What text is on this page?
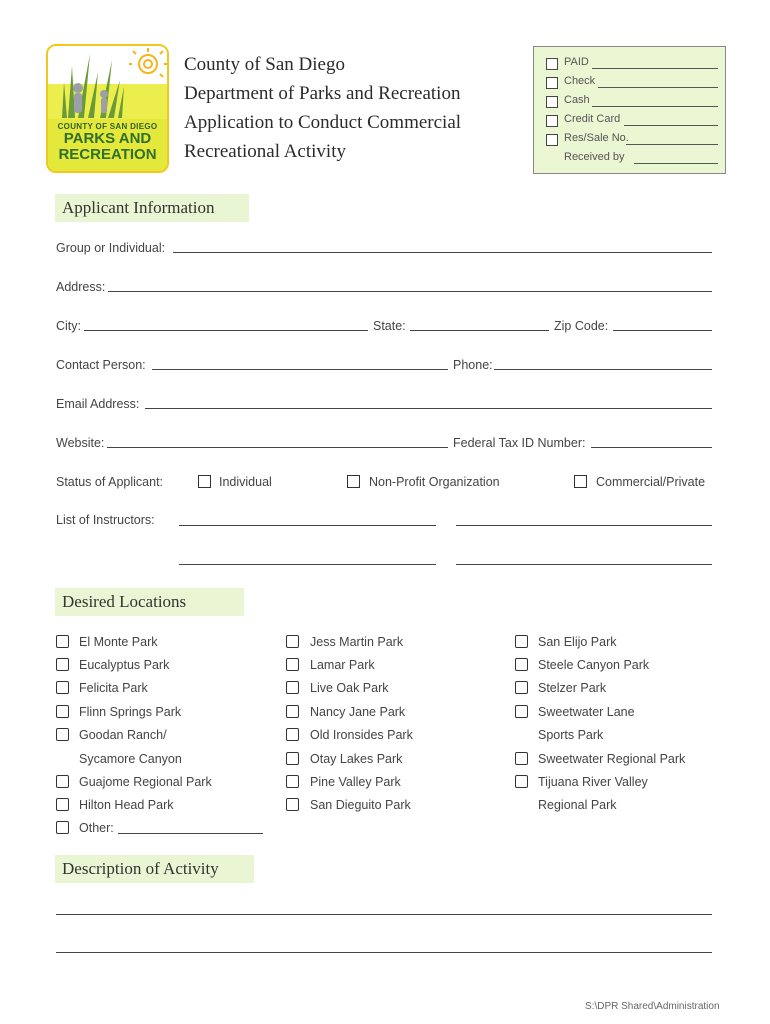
COUNTY OF SAN DIEGO
PARKS AND
RECREATION
County of San Diego
Department of Parks and Recreation
Application to Conduct Commercial
Recreational Activity
PAID
Check
Cash
Credit Card
Res/Sale No.
Received by
Applicant Information
Group or Individual:
Address:
City:	State:	Zip Code:
Contact Person:	Phone:
Email Address:
Website:	Federal Tax ID Number:
Status of Applicant:	Individual	Non-Profit Organization	Commercial/Private
List of Instructors:
Desired Locations
El Monte Park
Eucalyptus Park
Felicita Park
Flinn Springs Park
Goodan Ranch/
Sycamore Canyon
Guajome Regional Park
Hilton Head Park
Other:
Jess Martin Park
Lamar Park
Live Oak Park
Nancy Jane Park
Old Ironsides Park
Otay Lakes Park
Pine Valley Park
San Dieguito Park
San Elijo Park
Steele Canyon Park
Stelzer Park
Sweetwater Lane
Sports Park
Sweetwater Regional Park
Tijuana River Valley
Regional Park
Description of Activity
S:\DPR Shared\Administration
